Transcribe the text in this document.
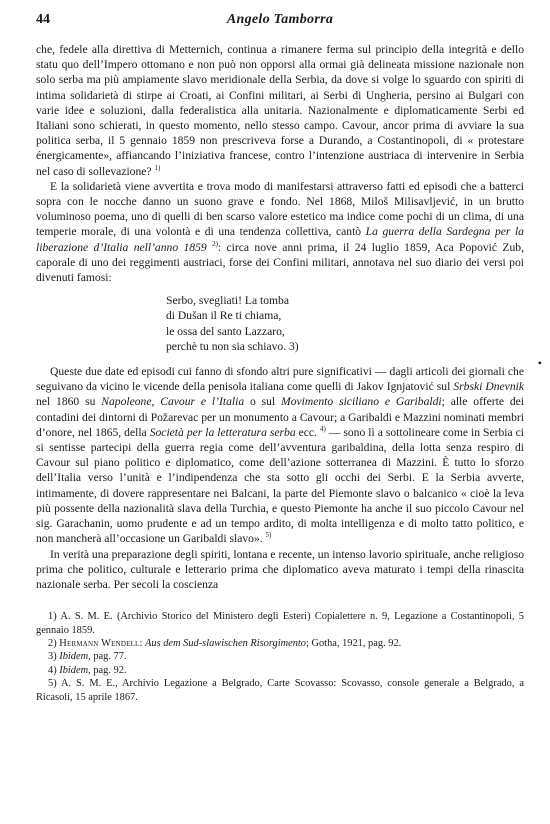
44	Angelo Tamborra

che, fedele alla direttiva di Metternich, continua a rimanere ferma sul principio della integrità e dello statu quo dell’Impero ottomano e non può non opporsi alla ormai già delineata missione nazionale non solo serba ma più ampiamente slavo meridionale della Serbia, da dove si volge lo sguardo con spiriti di intima solidarietà di stirpe ai Croati, ai Confini militari, ai Serbi di Ungheria, persino ai Bulgari con varie idee e soluzioni, dalla federalistica alla unitaria. Nazionalmente e diplomaticamente Serbi ed Italiani sono schierati, in questo momento, nello stesso campo. Cavour, ancor prima di avviare la sua politica serba, il 5 gennaio 1859 non prescriveva forse a Durando, a Costantinopoli, di « protestare énergicamente», affiancando l’iniziativa francese, contro l’intenzione austriaca di intervenire in Serbia nel caso di sollevazione? $^{1)}$

E la solidarietà viene avvertita e trova modo di manifestarsi attraverso fatti ed episodi che a batterci sopra con le nocche danno un suono grave e fondo. Nel 1868, Miloš Milisavljević, in un brutto voluminoso poema, uno di quelli di ben scarso valore estetico ma indice come pochi di un clima, di una temperie morale, di una volontà e di una tendenza collettiva, cantò La guerra della Sardegna per la liberazione d’Italia nell’anno 1859 $^{2)}$: circa nove anni prima, il 24 luglio 1859, Aca Popović Zub, caporale di uno dei reggimenti austriaci, forse dei Confini militari, annotava nel suo diario dei versi poi divenuti famosi:

Serbo, svegliati! La tomba
di Dušan il Re ti chiama,
le ossa del santo Lazzaro,
perchè tu non sia schiavo. 3)

Queste due date ed episodi cui fanno di sfondo altri pure significativi — dagli articoli dei giornali che seguivano da vicino le vicende della penisola italiana come quelli di Jakov Ignjatović sul Srbski Dnevnik nel 1860 su Napoleone, Cavour e l’Italia o sul Movimento siciliano e Garibaldi; alle offerte dei contadini dei dintorni di Požarevac per un monumento a Cavour; a Garibaldi e Mazzini nominati membri d’onore, nel 1865, della Società per la letteratura serba ecc. $^{4)}$ — sono lì a sottolineare come in Serbia ci si sentisse partecipi della guerra regia come dell’avventura garibaldina, della lotta senza respiro di Cavour sul piano politico e diplomatico, come dell’azione sotterranea di Mazzini. È tutto lo sforzo dell’Italia verso l’unità e l’indipendenza che sta sotto gli occhi dei Serbi. E la Serbia avverte, intimamente, di dovere rappresentare nei Balcani, la parte del Piemonte slavo o balcanico « cioè la leva più possente della nazionalità slava della Turchia, e questo Piemonte ha anche il suo piccolo Cavour nel sig. Garachanin, uomo prudente e ad un tempo ardito, di molta intelligenza e di molto tatto politico, e non mancherà all’occasione un Garibaldi slavo». $^{5)}$

In verità una preparazione degli spiriti, lontana e recente, un intenso lavorio spirituale, anche religioso prima che politico, culturale e letterario prima che diplomatico aveva maturato i tempi della rinascita nazionale serba. Per secoli la coscienza

1) A. S. M. E. (Archivio Storico del Ministero degli Esteri) Copialettere n. 9, Legazione a Costantinopoli, 5 gennaio 1859.

2) Hermann Wendell: Aus dem Sud-slawischen Risorgimento; Gotha, 1921, pag. 92.

3) Ibidem, pag. 77.

4) Ibidem, pag. 92.

5) A. S. M. E., Archivio Legazione a Belgrado, Carte Scovasso: Scovasso, console generale a Belgrado, a Ricasoli, 15 aprile 1867.

•
